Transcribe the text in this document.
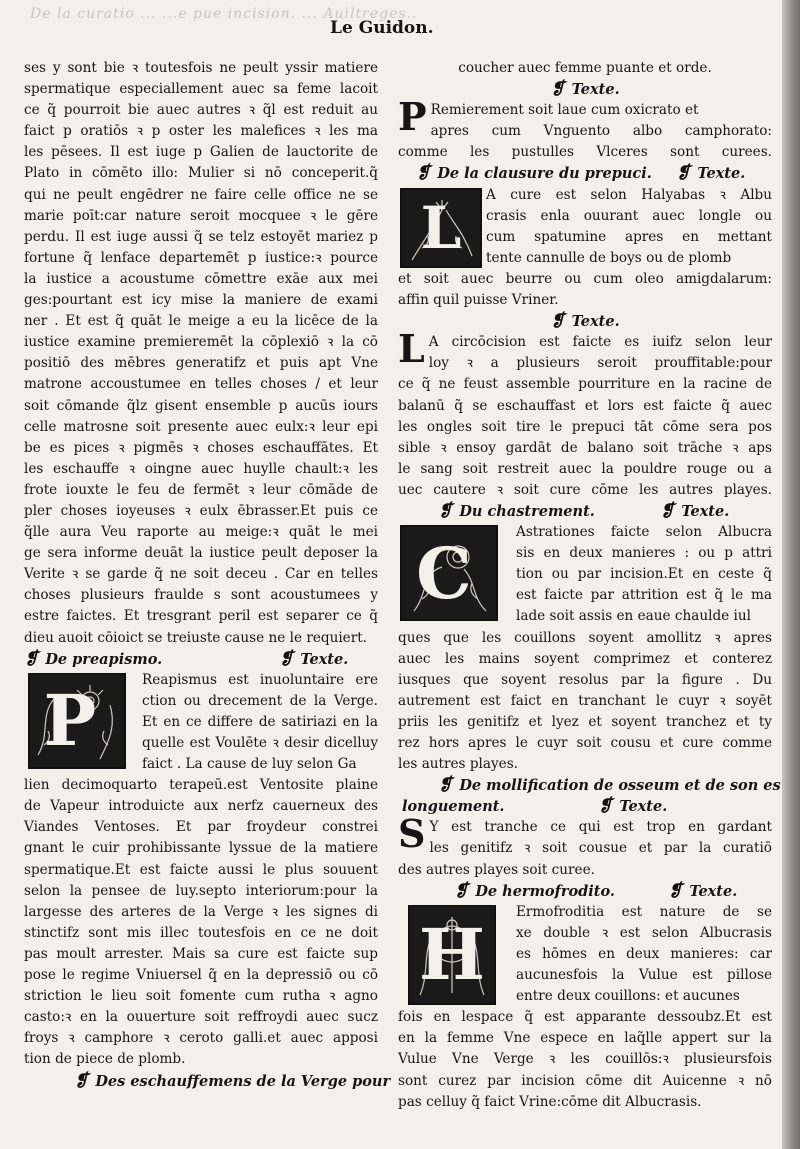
De la curatio ... ...e pue incision. ... Auiltreges..
Le Guidon.
ses y sont bie ꝛ toutesfois ne peult yssir matiere
spermatique especiallement auec sa feme lacoit
ce q̃ pourroit bie auec autres ꝛ q̃l est reduit au
faict p oratiōs ꝛ p oster les malefices ꝛ les ma
les pēsees. Il est iuge p Galien de lauctorite de
Plato in cōmēto illo: Mulier si nō conceperit.q̃
qui ne peult engēdrer ne faire celle office ne se
marie poīt:car nature seroit mocquee ꝛ le gēre
perdu. Il est iuge aussi q̃ se telz estoyēt mariez p
fortune q̃ lenface departemēt p iustice:ꝛ pource
la iustice a acoustume cōmettre exāe aux mei
ges:pourtant est icy mise la maniere de exami
ner . Et est q̃ quāt le meige a eu la licēce de la
iustice examine premieremēt la cōplexiō ꝛ la cō
positiō des mēbres generatifz et puis apt Vne
matrone accoustumee en telles choses / et leur
soit cōmande q̃lz gisent ensemble p aucūs iours
celle matrosne soit presente auec eulx:ꝛ leur epi
be es pices ꝛ pigmēs ꝛ choses eschauffātes. Et
les eschauffe ꝛ oingne auec huylle chault:ꝛ les
frote iouxte le feu de fermēt ꝛ leur cōmāde de
pler choses ioyeuses ꝛ eulx ēbrasser.Et puis ce
q̃lle aura Veu raporte au meige:ꝛ quāt le mei
ge sera informe deuāt la iustice peult deposer la
Verite ꝛ se garde q̃ ne soit deceu . Car en telles
choses plusieurs fraulde s sont acoustumees y
estre faictes. Et tresgrant peril est separer ce q̃
dieu auoit cōioict se treiuste cause ne le requiert.
❡ De preapismo.	❡ Texte.
P	Reapismus est inuoluntaire ere
ction ou drecement de la Verge.
Et en ce differe de satiriazi en la
quelle est Voulēte ꝛ desir dicelluy
faict . La cause de luy selon Ga
lien decimoquarto terapeū.est Ventosite plaine
de Vapeur introduicte aux nerfz cauerneux des
Viandes Ventoses. Et par froydeur constrei
gnant le cuir prohibissante lyssue de la matiere
spermatique.Et est faicte aussi le plus souuent
selon la pensee de luy.septo interiorum:pour la
largesse des arteres de la Verge ꝛ les signes di
stinctifz sont mis illec toutesfois en ce ne doit
pas moult arrester. Mais sa cure est faicte sup
pose le regime Vniuersel q̃ en la depressiō ou cō
striction le lieu soit fomente cum rutha ꝛ agno
casto:ꝛ en la ouuerture soit reffroydi auec sucz
froys ꝛ camphore ꝛ ceroto galli.et auec apposi
tion de piece de plomb.
❡ Des eschauffemens de la Verge pour
coucher auec femme puante et orde.
❡ Texte.
P Remierement soit laue cum oxicrato et
apres cum Vnguento albo camphorato:
comme les pustulles Vlceres sont curees.
❡ De la clausure du prepuci. ❡ Texte.
L	A cure est selon Halyabas ꝛ Albu
crasis enla ouurant auec longle ou
cum spatumine apres en mettant
tente cannulle de boys ou de plomb
et soit auec beurre ou cum oleo amigdalarum:
affin quil puisse Vriner.
❡ Texte.
L A circōcision est faicte es iuifz selon leur
loy ꝛ a plusieurs seroit prouffitable:pour
ce q̃ ne feust assemble pourriture en la racine de
balanū q̃ se eschauffast et lors est faicte q̃ auec
les ongles soit tire le prepuci tāt cōme sera pos
sible ꝛ ensoy gardāt de balano soit trāche ꝛ aps
le sang soit restreit auec la pouldre rouge ou a
uec cautere ꝛ soit cure cōme les autres playes.
❡ Du chastrement.	❡ Texte.
C	Astrationes faicte selon Albucra
sis en deux manieres : ou p attri
tion ou par incision.Et en ceste q̃
est faicte par attrition est q̃ le ma
lade soit assis en eaue chaulde iul
ques que les couillons soyent amollitz ꝛ apres
auec les mains soyent comprimez et conterez
iusques que soyent resolus par la figure . Du
autrement est faict en tranchant le cuyr ꝛ soyēt
priis les genitifz et lyez et soyent tranchez et ty
rez hors apres le cuyr soit cousu et cure comme
les autres playes.
❡ De mollification de osseum et de son es
longuement.	❡ Texte.
S Y est tranche ce qui est trop en gardant
les genitifz ꝛ soit cousue et par la curatiō
des autres playes soit curee.
❡ De hermofrodito.	❡ Texte.
H
Ermofroditia est nature de se
xe double ꝛ est selon Albucrasis
es hōmes en deux manieres: car
aucunesfois la Vulue est pillose
entre deux couillons: et aucunes
fois en lespace q̃ est apparante dessoubz.Et est
en la femme Vne espece en laq̃lle appert sur la
Vulue Vne Verge ꝛ les couillōs:ꝛ plusieursfois
sont curez par incision cōme dit Auicenne ꝛ nō
pas celluy q̃ faict Vrine:cōme dit Albucrasis.
